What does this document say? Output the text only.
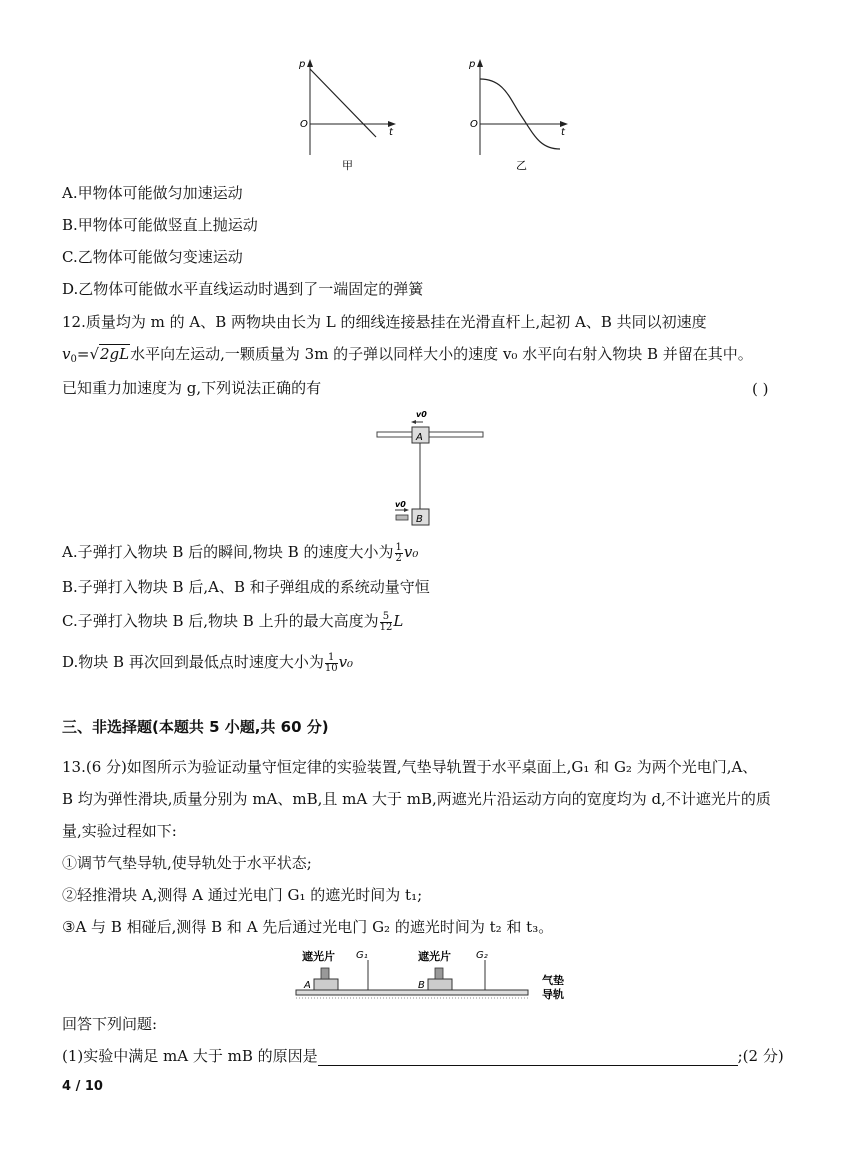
p
O
t
甲
p
O
t
乙
A.甲物体可能做匀加速运动
B.甲物体可能做竖直上抛运动
C.乙物体可能做匀变速运动
D.乙物体可能做水平直线运动时遇到了一端固定的弹簧
12.质量均为 m 的 A、B 两物块由长为 L 的细线连接悬挂在光滑直杆上,起初 A、B 共同以初速度
$v_0=√2gL$水平向左运动,一颗质量为 3m 的子弹以同样大小的速度 v₀ 水平向右射入物块 B 并留在其中。
已知重力加速度为 g,下列说法正确的有	( )
A
B
v0
v0
A.子弹打入物块 B 后的瞬间,物块 B 的速度大小为 $\frac{1}{2} v_0$
B.子弹打入物块 B 后,A、B 和子弹组成的系统动量守恒
C.子弹打入物块 B 后,物块 B 上升的最大高度为 $\frac{5}{12}$ L
D.物块 B 再次回到最低点时速度大小为 $\frac{1}{10} v_0$
三、非选择题(本题共 5 小题,共 60 分)
13.(6 分)如图所示为验证动量守恒定律的实验装置,气垫导轨置于水平桌面上,G₁ 和 G₂ 为两个光电门,A、
B 均为弹性滑块,质量分别为 mA、mB,且 mA 大于 mB,两遮光片沿运动方向的宽度均为 d,不计遮光片的质
量,实验过程如下:
①调节气垫导轨,使导轨处于水平状态;
②轻推滑块 A,测得 A 通过光电门 G₁ 的遮光时间为 t₁;
③A 与 B 相碰后,测得 B 和 A 先后通过光电门 G₂ 的遮光时间为 t₂ 和 t₃。
遮光片	遮光片
G₁	G₂
A	B	气垫
导轨
回答下列问题:
(1)实验中满足 mA 大于 mB 的原因是	;(2 分)
4 / 10
